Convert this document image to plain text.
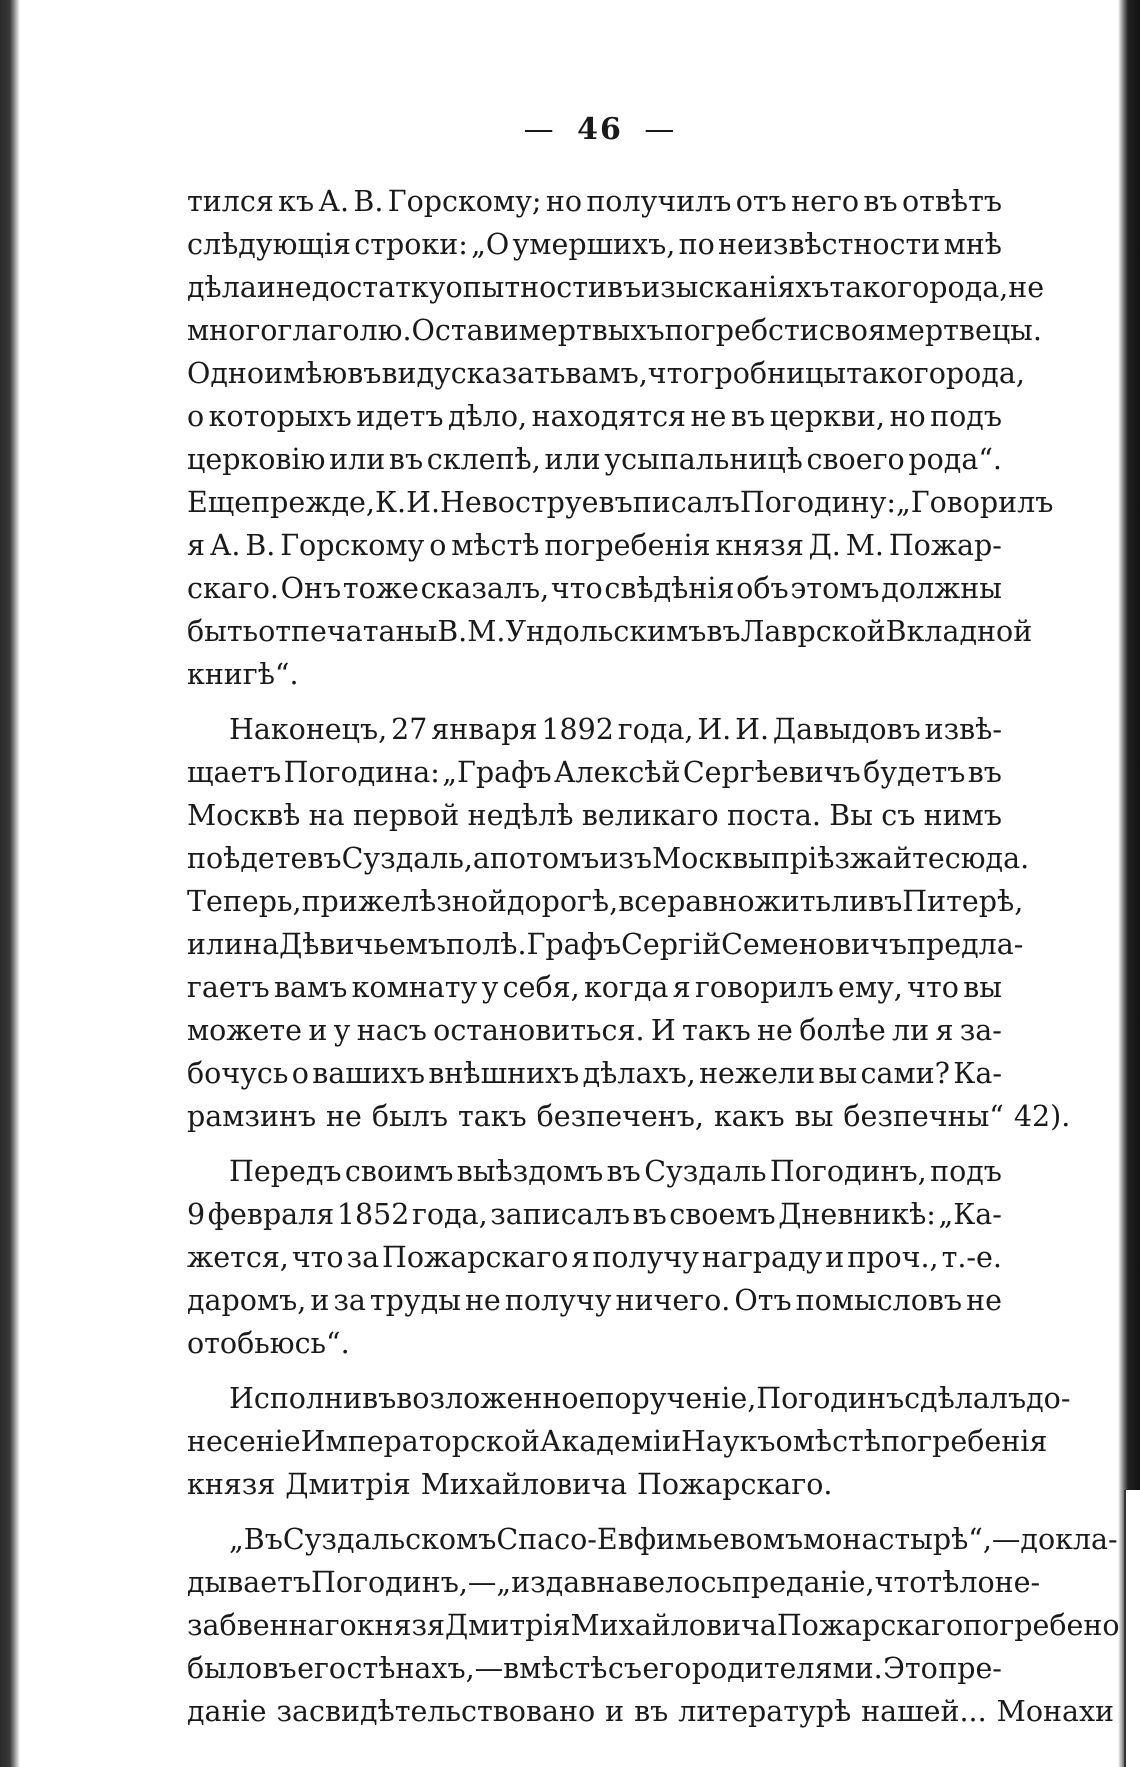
— 46 —
тился къ А. В. Горскому; но получилъ отъ него въ отвѣтъ
слѣдующія строки: „О умершихъ, по неизвѣстности мнѣ
дѣла и недостатку опытности въ изысканіяхъ такого рода, не
много глаголю. Остави мертвыхъ погребсти своя мертвецы.
Одно имѣю въ виду сказать вамъ, что гробницы такого рода,
о которыхъ идетъ дѣло, находятся не въ церкви, но подъ
церковію или въ склепѣ, или усыпальницѣ своего рода“.
Еще прежде, К. И. Невоструевъ писалъ Погодину: „Говорилъ
я А. В. Горскому о мѣстѣ погребенія князя Д. М. Пожар-
скаго. Онъ тоже сказалъ, что свѣдѣнія объ этомъ должны
быть отпечатаны В. М. Ундольскимъ въ Лаврской Вкладной
книгѣ“.
Наконецъ, 27 января 1892 года, И. И. Давыдовъ извѣ-
щаетъ Погодина: „Графъ Алексѣй Сергѣевичъ будетъ въ
Москвѣ на первой недѣлѣ великаго поста. Вы съ нимъ
поѣдете въ Суздаль, а потомъ изъ Москвы пріѣзжайте сюда.
Теперь, при желѣзной дорогѣ, все равно жить ли въ Питерѣ,
или на Дѣвичьемъ полѣ. Графъ Сергій Семеновичъ предла-
гаетъ вамъ комнату у себя, когда я говорилъ ему, что вы
можете и у насъ остановиться. И такъ не болѣе ли я за-
бочусь о вашихъ внѣшнихъ дѣлахъ, нежели вы сами? Ка-
рамзинъ не былъ такъ безпеченъ, какъ вы безпечны“ 42).
Передъ своимъ выѣздомъ въ Суздаль Погодинъ, подъ
9 февраля 1852 года, записалъ въ своемъ Дневникѣ: „Ка-
жется, что за Пожарскаго я получу награду и проч., т.-е.
даромъ, и за труды не получу ничего. Отъ помысловъ не
отобьюсь“.
Исполнивъ возложенное порученіе, Погодинъ сдѣлалъ до-
несеніе Императорской Академіи Наукъ о мѣстѣ погребенія
князя Дмитрія Михайловича Пожарскаго.
„Въ Суздальскомъ Спасо-Евфимьевомъ монастырѣ“,—докла-
дываетъ Погодинъ,—„издавна велось преданіе, что тѣло не-
забвеннаго князя Дмитрія Михайловича Пожарскаго погребено
было въ его стѣнахъ,—вмѣстѣ съ его родителями. Это пре-
даніе засвидѣтельствовано и въ литературѣ нашей... Монахи
